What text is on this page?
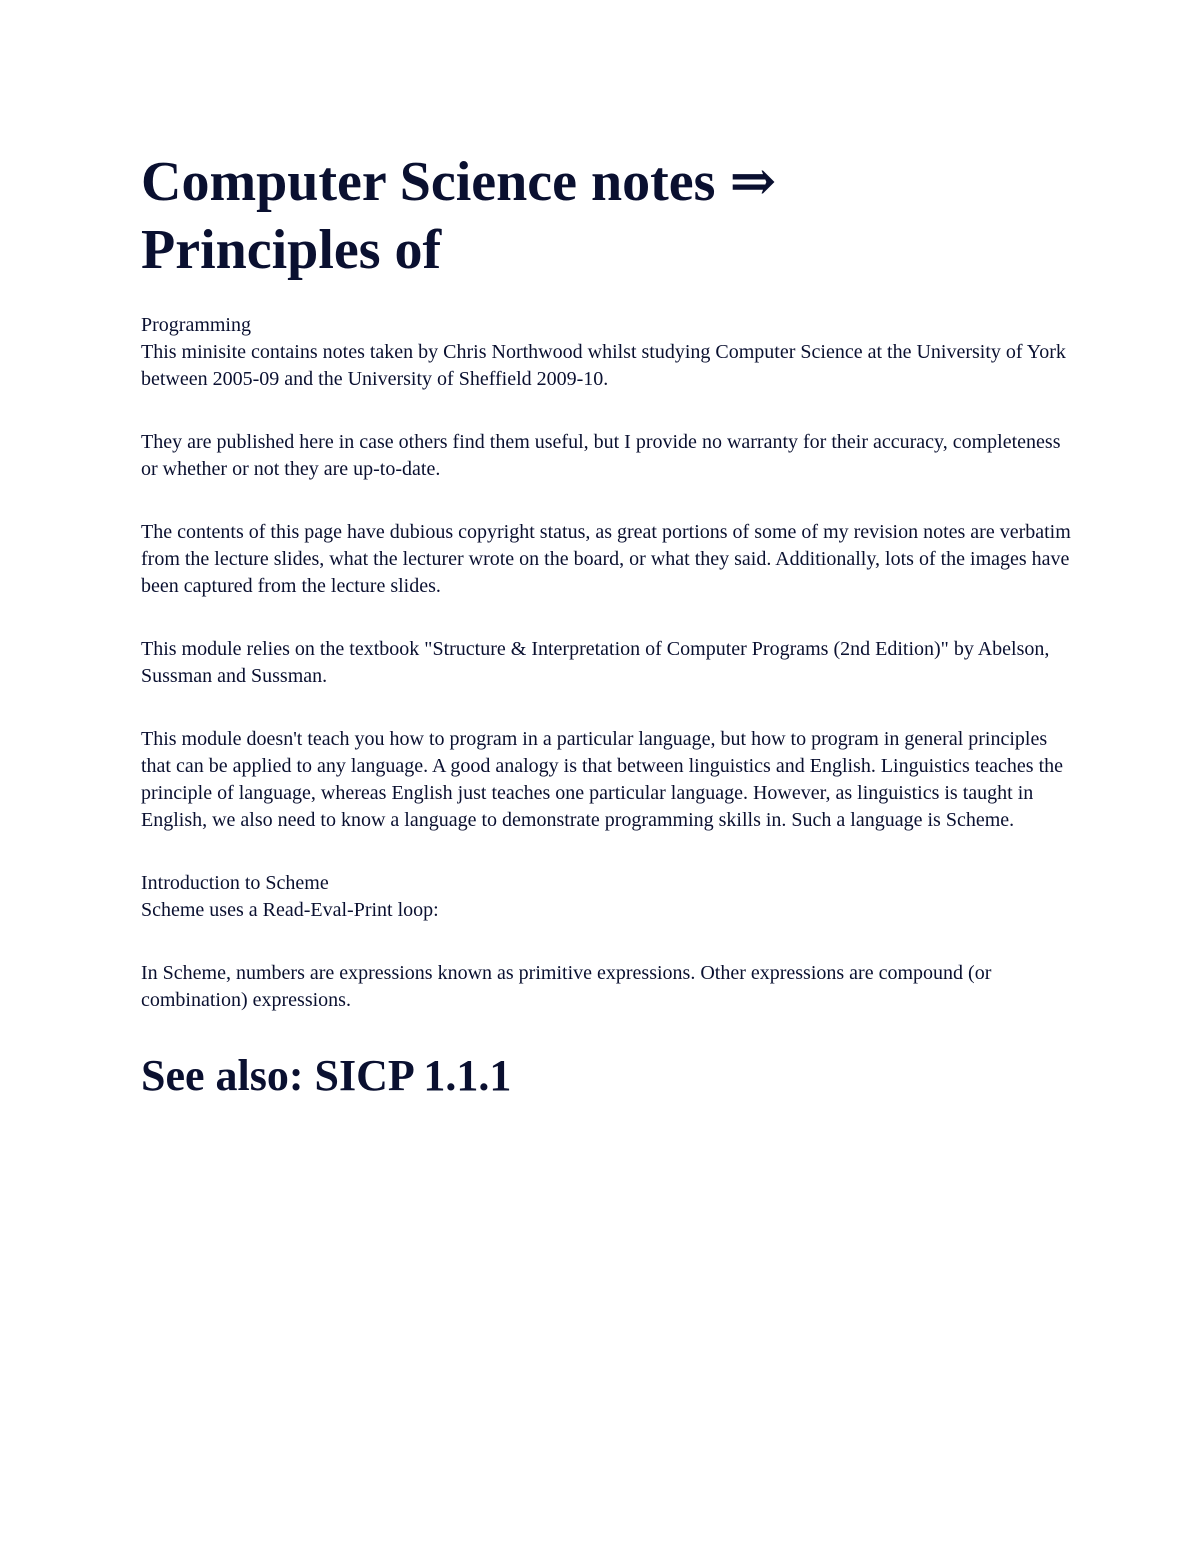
Computer Science notes ⇒
Principles of

Programming
This minisite contains notes taken by Chris Northwood whilst studying Computer Science at the University of York between 2005-09 and the University of Sheffield 2009-10.

They are published here in case others find them useful, but I provide no warranty for their accuracy, completeness or whether or not they are up-to-date.

The contents of this page have dubious copyright status, as great portions of some of my revision notes are verbatim from the lecture slides, what the lecturer wrote on the board, or what they said. Additionally, lots of the images have been captured from the lecture slides.

This module relies on the textbook "Structure & Interpretation of Computer Programs (2nd Edition)" by Abelson, Sussman and Sussman.

This module doesn't teach you how to program in a particular language, but how to program in general principles that can be applied to any language. A good analogy is that between linguistics and English. Linguistics teaches the principle of language, whereas English just teaches one particular language. However, as linguistics is taught in English, we also need to know a language to demonstrate programming skills in. Such a language is Scheme.

Introduction to Scheme
Scheme uses a Read-Eval-Print loop:

In Scheme, numbers are expressions known as primitive expressions. Other expressions are compound (or combination) expressions.

See also: SICP 1.1.1
